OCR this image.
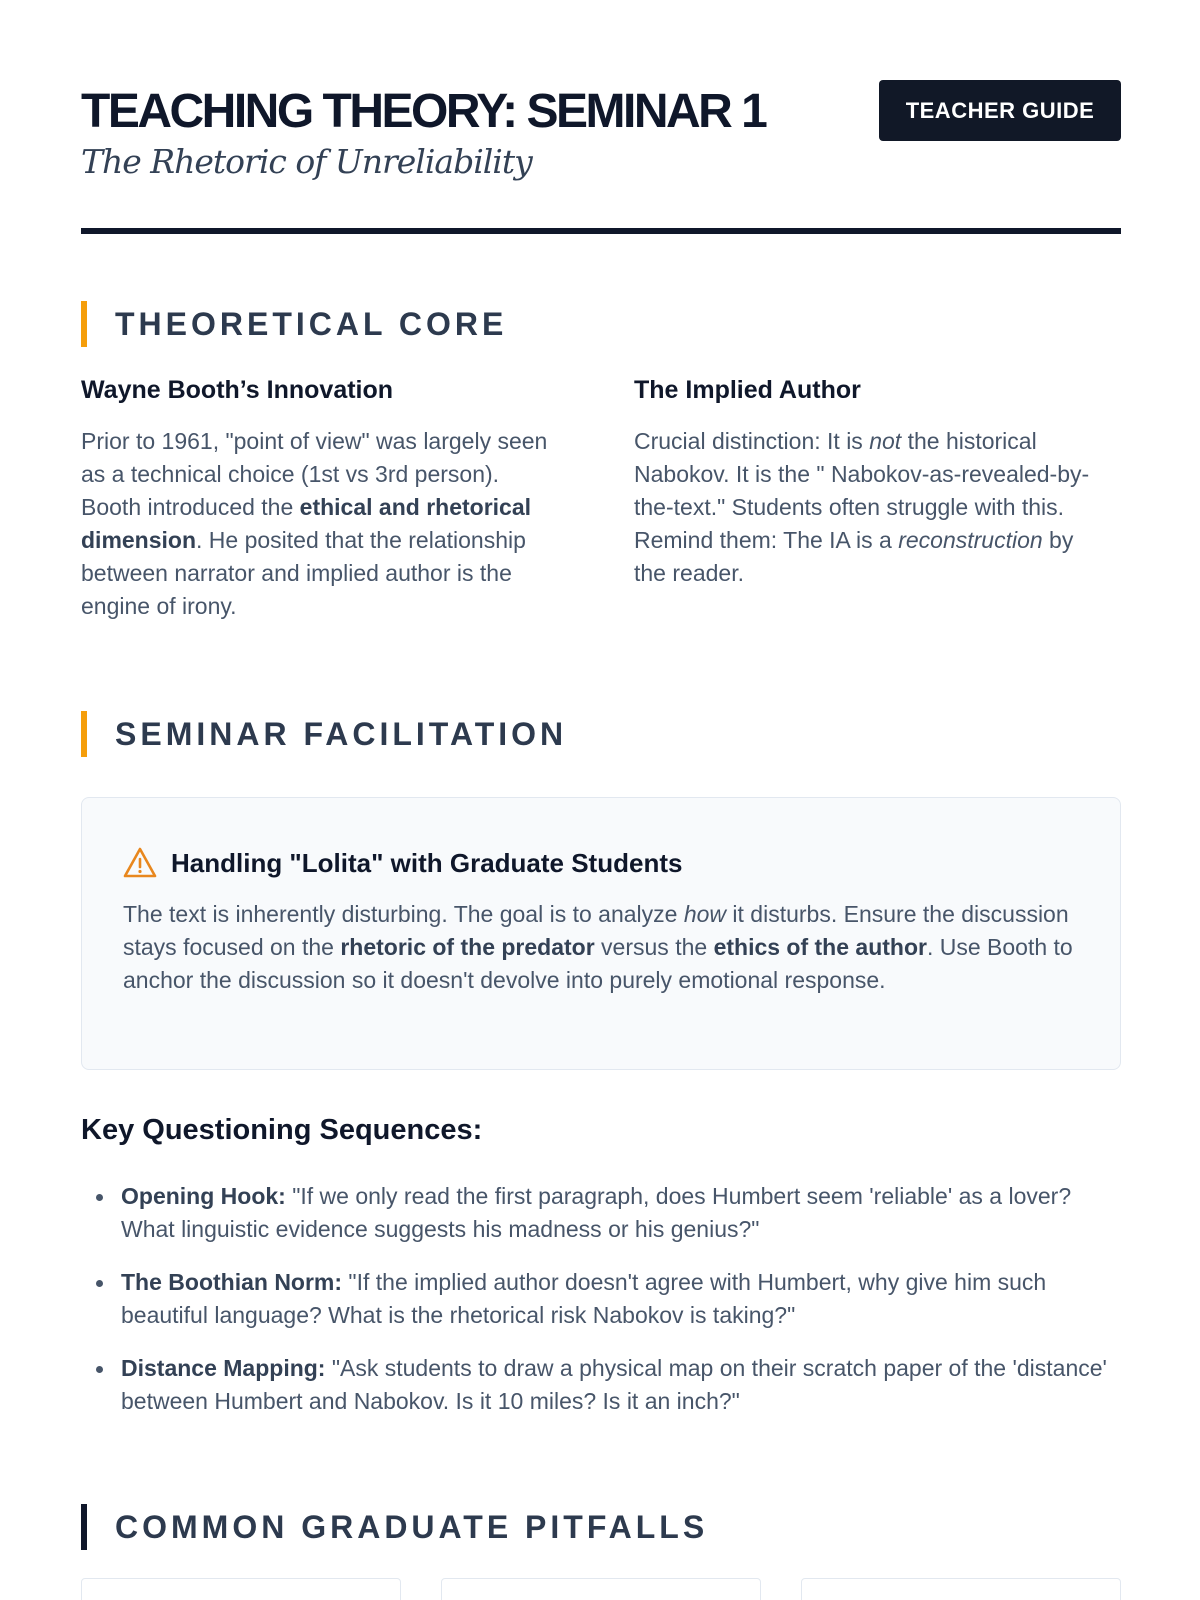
TEACHING THEORY: SEMINAR 1
The Rhetoric of Unreliability
TEACHER GUIDE
THEORETICAL CORE
Wayne Booth’s Innovation

Prior to 1961, "point of view" was largely seen as a technical choice (1st vs 3rd person). Booth introduced the ethical and rhetorical dimension. He posited that the relationship between narrator and implied author is the engine of irony.

The Implied Author

Crucial distinction: It is not the historical Nabokov. It is the " Nabokov-as-revealed-by-the-text." Students often struggle with this. Remind them: The IA is a reconstruction by the reader.

SEMINAR FACILITATION
Handling "Lolita" with Graduate Students

The text is inherently disturbing. The goal is to analyze how it disturbs. Ensure the discussion stays focused on the rhetoric of the predator versus the ethics of the author. Use Booth to anchor the discussion so it doesn't devolve into purely emotional response.

Key Questioning Sequences:
Opening Hook: "If we only read the first paragraph, does Humbert seem 'reliable' as a lover? What linguistic evidence suggests his madness or his genius?"
The Boothian Norm: "If the implied author doesn't agree with Humbert, why give him such beautiful language? What is the rhetorical risk Nabokov is taking?"
Distance Mapping: "Ask students to draw a physical map on their scratch paper of the 'distance' between Humbert and Nabokov. Is it 10 miles? Is it an inch?"
COMMON GRADUATE PITFALLS
